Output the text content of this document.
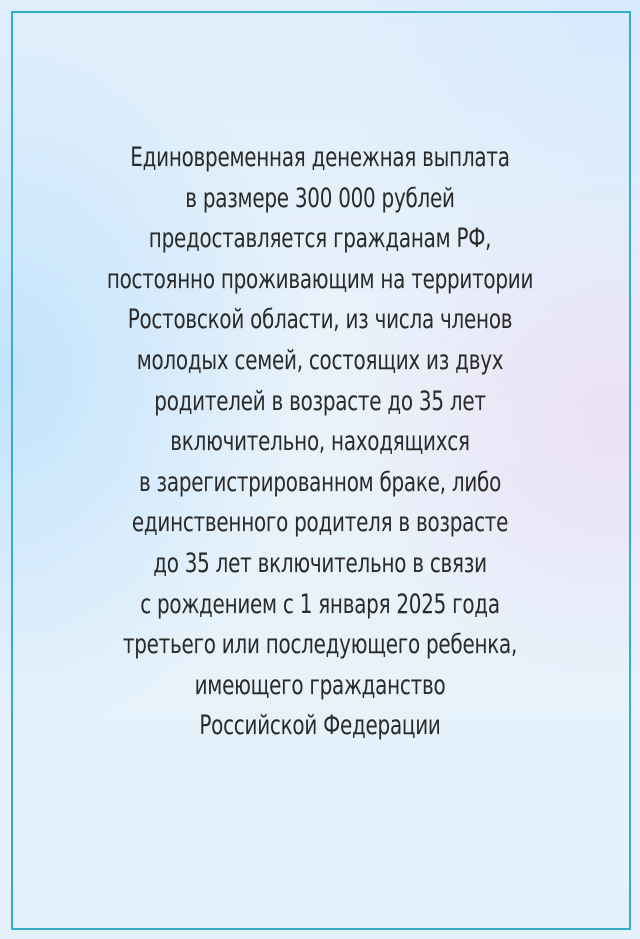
Единовременная денежная выплата
в размере 300 000 рублей
предоставляется гражданам РФ,
постоянно проживающим на территории
Ростовской области, из числа членов
молодых семей, состоящих из двух
родителей в возрасте до 35 лет
включительно, находящихся
в зарегистрированном браке, либо
единственного родителя в возрасте
до 35 лет включительно в связи
с рождением с 1 января 2025 года
третьего или последующего ребенка,
имеющего гражданство
Российской Федерации
